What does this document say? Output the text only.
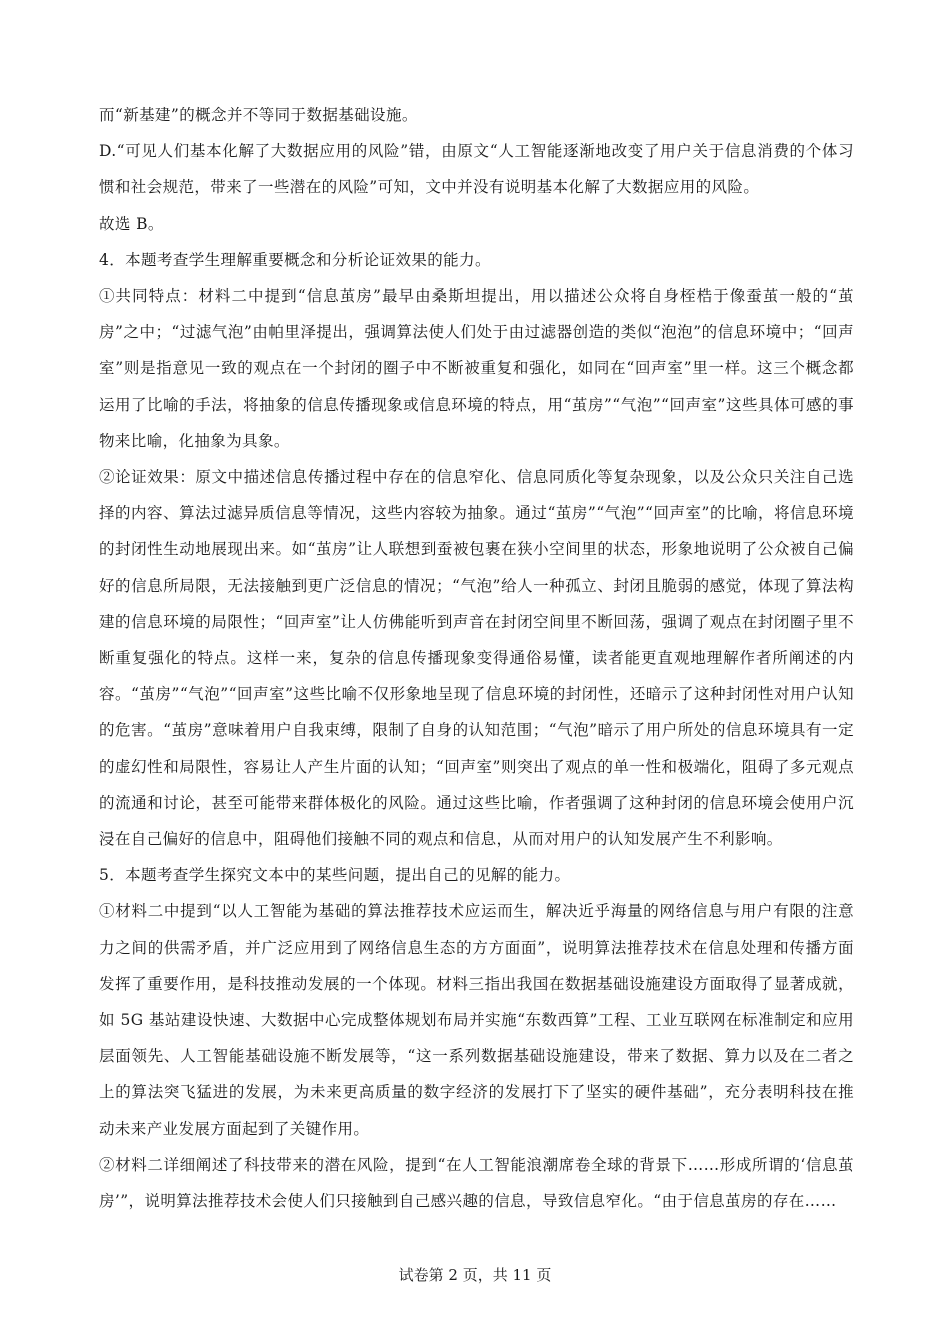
而“新基建”的概念并不等同于数据基础设施。

D.“可见人们基本化解了大数据应用的风险”错，由原文“人工智能逐渐地改变了用户关于信息消费的个体习惯和社会规范，带来了一些潜在的风险”可知，文中并没有说明基本化解了大数据应用的风险。

故选 B。

4．本题考查学生理解重要概念和分析论证效果的能力。

①共同特点：材料二中提到“信息茧房”最早由桑斯坦提出，用以描述公众将自身桎梏于像蚕茧一般的“茧房”之中；“过滤气泡”由帕里泽提出，强调算法使人们处于由过滤器创造的类似“泡泡”的信息环境中；“回声室”则是指意见一致的观点在一个封闭的圈子中不断被重复和强化，如同在“回声室”里一样。这三个概念都运用了比喻的手法，将抽象的信息传播现象或信息环境的特点，用“茧房”“气泡”“回声室”这些具体可感的事物来比喻，化抽象为具象。

②论证效果：原文中描述信息传播过程中存在的信息窄化、信息同质化等复杂现象，以及公众只关注自己选择的内容、算法过滤异质信息等情况，这些内容较为抽象。通过“茧房”“气泡”“回声室”的比喻，将信息环境的封闭性生动地展现出来。如“茧房”让人联想到蚕被包裹在狭小空间里的状态，形象地说明了公众被自己偏好的信息所局限，无法接触到更广泛信息的情况；“气泡”给人一种孤立、封闭且脆弱的感觉，体现了算法构建的信息环境的局限性；“回声室”让人仿佛能听到声音在封闭空间里不断回荡，强调了观点在封闭圈子里不断重复强化的特点。这样一来，复杂的信息传播现象变得通俗易懂，读者能更直观地理解作者所阐述的内容。“茧房”“气泡”“回声室”这些比喻不仅形象地呈现了信息环境的封闭性，还暗示了这种封闭性对用户认知的危害。“茧房”意味着用户自我束缚，限制了自身的认知范围；“气泡”暗示了用户所处的信息环境具有一定的虚幻性和局限性，容易让人产生片面的认知；“回声室”则突出了观点的单一性和极端化，阻碍了多元观点的流通和讨论，甚至可能带来群体极化的风险。通过这些比喻，作者强调了这种封闭的信息环境会使用户沉浸在自己偏好的信息中，阻碍他们接触不同的观点和信息，从而对用户的认知发展产生不利影响。

5．本题考查学生探究文本中的某些问题，提出自己的见解的能力。

①材料二中提到“以人工智能为基础的算法推荐技术应运而生，解决近乎海量的网络信息与用户有限的注意力之间的供需矛盾，并广泛应用到了网络信息生态的方方面面”，说明算法推荐技术在信息处理和传播方面发挥了重要作用，是科技推动发展的一个体现。材料三指出我国在数据基础设施建设方面取得了显著成就，如 5G 基站建设快速、大数据中心完成整体规划布局并实施“东数西算”工程、工业互联网在标准制定和应用层面领先、人工智能基础设施不断发展等，“这一系列数据基础设施建设，带来了数据、算力以及在二者之上的算法突飞猛进的发展，为未来更高质量的数字经济的发展打下了坚实的硬件基础”，充分表明科技在推动未来产业发展方面起到了关键作用。

②材料二详细阐述了科技带来的潜在风险，提到“在人工智能浪潮席卷全球的背景下……形成所谓的‘信息茧房’”，说明算法推荐技术会使人们只接触到自己感兴趣的信息，导致信息窄化。“由于信息茧房的存在……

试卷第 2 页，共 11 页
